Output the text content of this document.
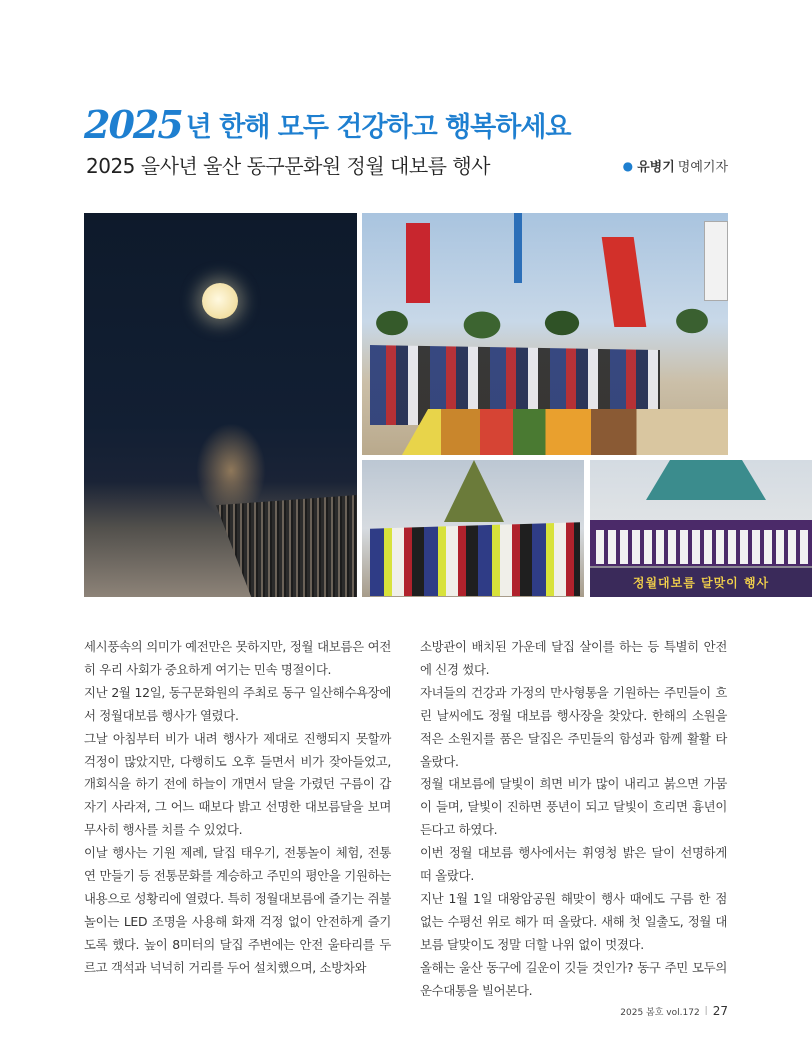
2025 년 한해 모두 건강하고 행복하세요
2025 을사년 울산 동구문화원 정월 대보름 행사	● 유병기 명예기자
정월대보름 달맞이 행사

세시풍속의 의미가 예전만은 못하지만, 정월 대보름은 여전히 우리 사회가 중요하게 여기는 민속 명절이다.

지난 2월 12일, 동구문화원의 주최로 동구 일산해수욕장에서 정월대보름 행사가 열렸다.

그날 아침부터 비가 내려 행사가 제대로 진행되지 못할까 걱정이 많았지만, 다행히도 오후 들면서 비가 잦아들었고, 개회식을 하기 전에 하늘이 개면서 달을 가렸던 구름이 갑자기 사라져, 그 어느 때보다 밝고 선명한 대보름달을 보며 무사히 행사를 치를 수 있었다.

이날 행사는 기원 제례, 달집 태우기, 전통놀이 체험, 전통연 만들기 등 전통문화를 계승하고 주민의 평안을 기원하는 내용으로 성황리에 열렸다. 특히 정월대보름에 즐기는 쥐불놀이는 LED 조명을 사용해 화재 걱정 없이 안전하게 즐기도록 했다. 높이 8미터의 달집 주변에는 안전 울타리를 두르고 객석과 넉넉히 거리를 두어 설치했으며, 소방차와

소방관이 배치된 가운데 달집 살이를 하는 등 특별히 안전에 신경 썼다.

자녀들의 건강과 가정의 만사형통을 기원하는 주민들이 흐린 날씨에도 정월 대보름 행사장을 찾았다. 한해의 소원을 적은 소원지를 품은 달집은 주민들의 함성과 함께 활활 타올랐다.

정월 대보름에 달빛이 희면 비가 많이 내리고 붉으면 가뭄이 들며, 달빛이 진하면 풍년이 되고 달빛이 흐리면 흉년이 든다고 하였다.

이번 정월 대보름 행사에서는 휘영청 밝은 달이 선명하게 떠 올랐다.

지난 1월 1일 대왕암공원 해맞이 행사 때에도 구름 한 점 없는 수평선 위로 해가 떠 올랐다. 새해 첫 일출도, 정월 대보름 달맞이도 정말 더할 나위 없이 멋졌다.

올해는 울산 동구에 길운이 깃들 것인가? 동구 주민 모두의 운수대통을 빌어본다.

2025 봄호 vol.172 | 27
